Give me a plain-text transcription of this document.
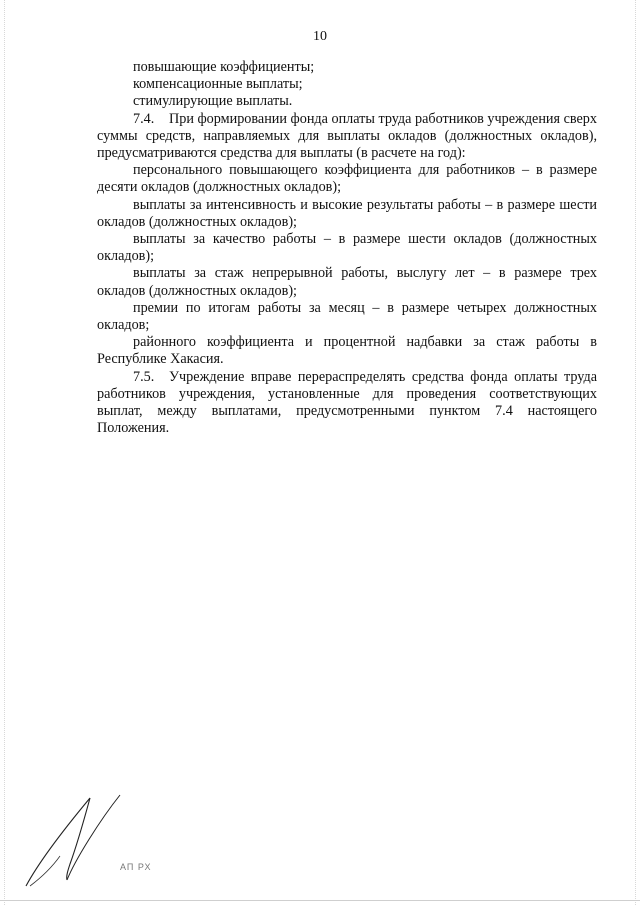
10

повышающие коэффициенты;

компенсационные выплаты;

стимулирующие выплаты.

7.4. При формировании фонда оплаты труда работников учреждения сверх суммы средств, направляемых для выплаты окладов (должностных окладов), предусматриваются средства для выплаты (в расчете на год):

персонального повышающего коэффициента для работников – в размере десяти окладов (должностных окладов);

выплаты за интенсивность и высокие результаты работы – в размере шести окладов (должностных окладов);

выплаты за качество работы – в размере шести окладов (должностных окладов);

выплаты за стаж непрерывной работы, выслугу лет – в размере трех окладов (должностных окладов);

премии по итогам работы за месяц – в размере четырех должностных окладов;

районного коэффициента и процентной надбавки за стаж работы в Республике Хакасия.

7.5. Учреждение вправе перераспределять средства фонда оплаты труда работников учреждения, установленные для проведения соответствующих выплат, между выплатами, предусмотренными пунктом 7.4 настоящего Положения.

АП РХ
